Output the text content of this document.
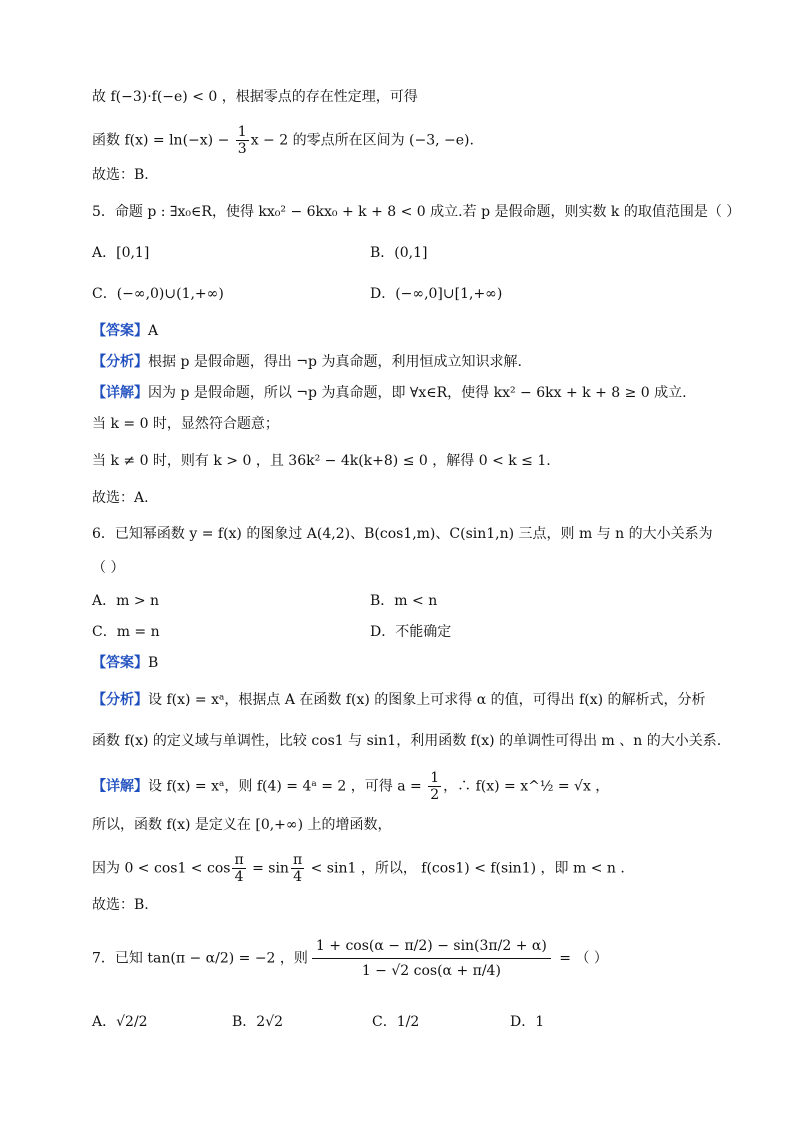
故 f(−3)·f(−e) < 0 ，根据零点的存在性定理，可得
函数 $f(x) = \ln(-x) - \frac{1}{3}$ x − 2 的零点所在区间为 (−3, −e).
故选：B.
5．命题 p : ∃x₀∈R，使得 kx₀² − 6kx₀ + k + 8 < 0 成立.若 p 是假命题，则实数 k 的取值范围是（ ）
A．[0,1]	B．(0,1]
C．(−∞,0)∪(1,+∞)	D．(−∞,0]∪[1,+∞)
【答案】A
【分析】根据 p 是假命题，得出 ¬p 为真命题，利用恒成立知识求解.
【详解】因为 p 是假命题，所以 ¬p 为真命题，即 ∀x∈R，使得 kx² − 6kx + k + 8 ≥ 0 成立.
当 k = 0 时，显然符合题意；
当 k ≠ 0 时，则有 k > 0 ，且 36k² − 4k(k+8) ≤ 0 ，解得 0 < k ≤ 1.
故选：A.
6．已知幂函数 y = f(x) 的图象过 A(4,2)、B(cos1,m)、C(sin1,n) 三点，则 m 与 n 的大小关系为
（ ）
A．m > n	B．m < n
C．m = n	D．不能确定
【答案】B
【分析】设 f(x) = xᵃ，根据点 A 在函数 f(x) 的图象上可求得 α 的值，可得出 f(x) 的解析式，分析
函数 f(x) 的定义域与单调性，比较 cos1 与 sin1，利用函数 f(x) 的单调性可得出 m 、n 的大小关系.
【详解】设 f(x) = xᵃ，则 f(4) = 4ᵃ = 2 ，可得 $a = \frac{1}{2}$ ，∴ f(x) = x^½ = √x ，
所以，函数 f(x) 是定义在 [0,+∞) 上的增函数，
因为 $0 < \cos 1 < \cos \frac{\pi}{4} = \sin \frac{\pi}{4} < \sin 1$ ，所以， f(cos1) < f(sin1) ，即 m < n .
故选：B.
7．已知 tan(π − α/2) = −2 ，则 $\frac{1 + \cos(\alpha - \pi/2) - \sin(3\pi/2 + \alpha)}{1 - √2 \cos(\alpha + \pi/4)}$ = （ ）
A．√2/2	B．2√2	C．1/2	D．1
